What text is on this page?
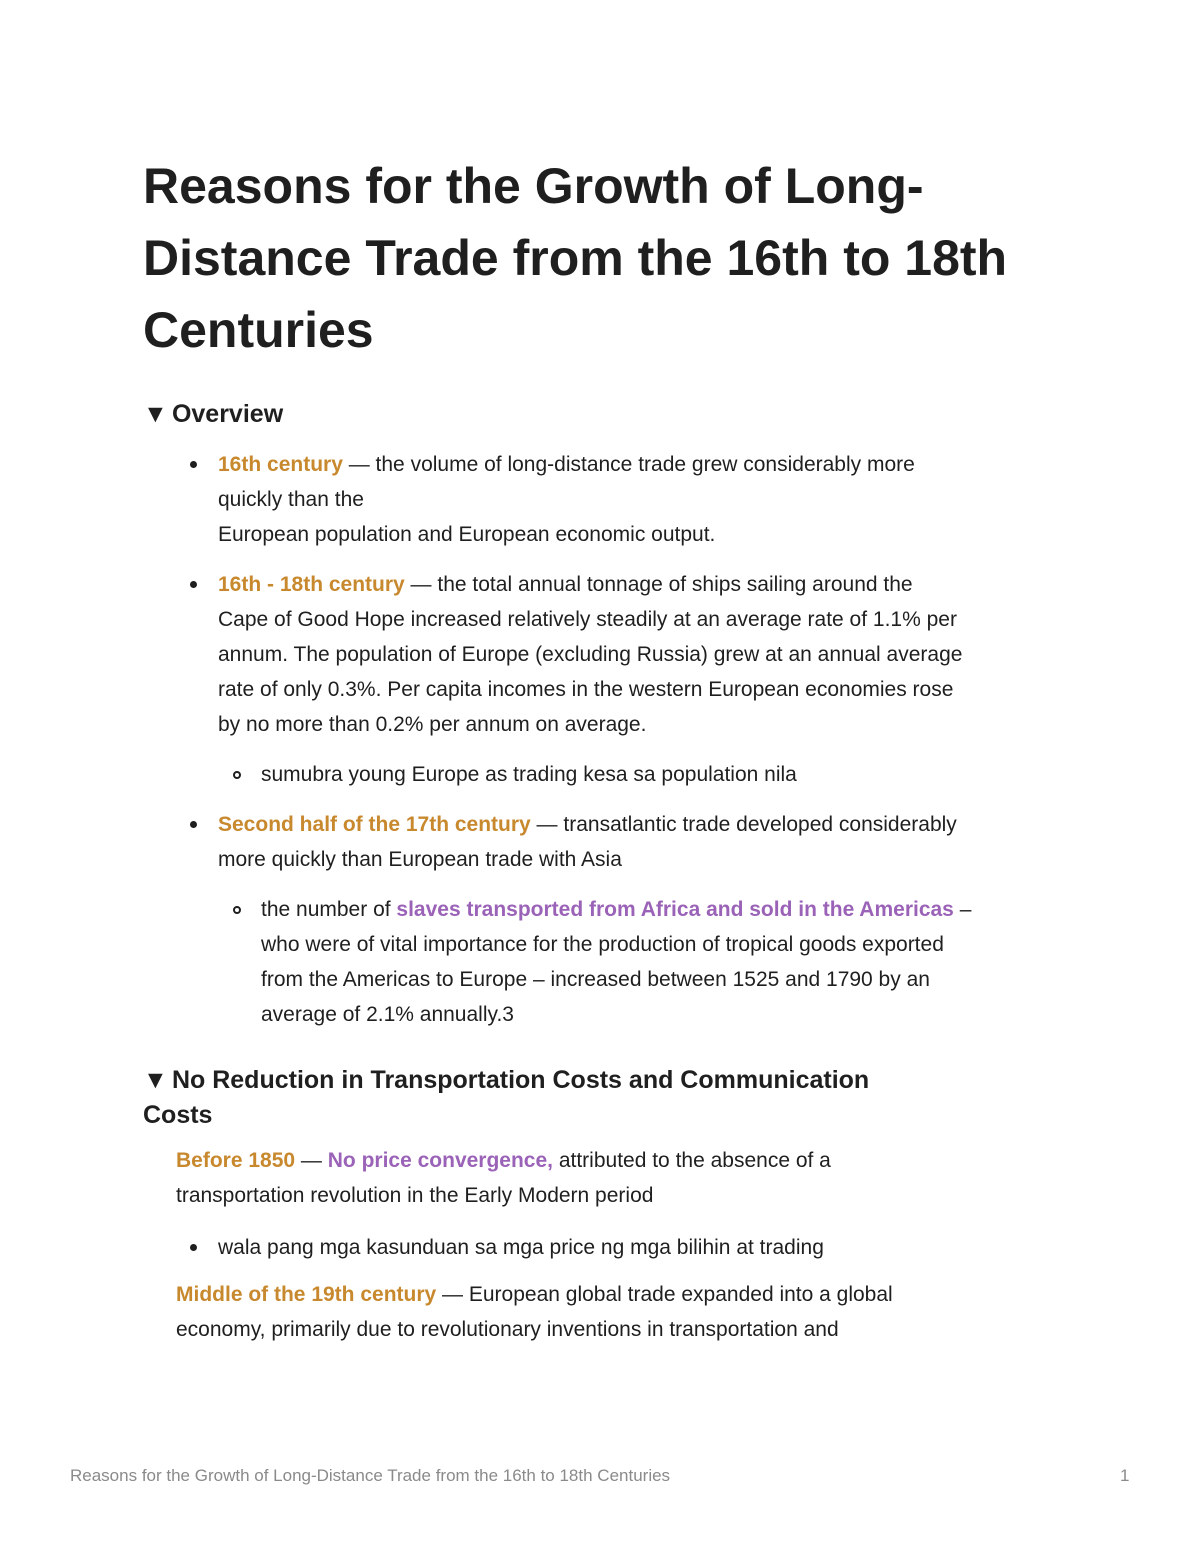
Reasons for the Growth of Long-Distance Trade from the 16th to 18th Centuries
▼ Overview
16th century — the volume of long-distance trade grew considerably more
quickly than the
European population and European economic output.
16th - 18th century — the total annual tonnage of ships sailing around the
Cape of Good Hope increased relatively steadily at an average rate of 1.1% per
annum. The population of Europe (excluding Russia) grew at an annual average
rate of only 0.3%. Per capita incomes in the western European economies rose
by no more than 0.2% per annum on average.
sumubra young Europe as trading kesa sa population nila
Second half of the 17th century — transatlantic trade developed considerably
more quickly than European trade with Asia
the number of slaves transported from Africa and sold in the Americas –
who were of vital importance for the production of tropical goods exported
from the Americas to Europe – increased between 1525 and 1790 by an
average of 2.1% annually.3
▼ No Reduction in Transportation Costs and Communication
Costs
Before 1850 — No price convergence, attributed to the absence of a
transportation revolution in the Early Modern period
wala pang mga kasunduan sa mga price ng mga bilihin at trading
Middle of the 19th century — European global trade expanded into a global
economy, primarily due to revolutionary inventions in transportation and
Reasons for the Growth of Long-Distance Trade from the 16th to 18th Centuries	1
